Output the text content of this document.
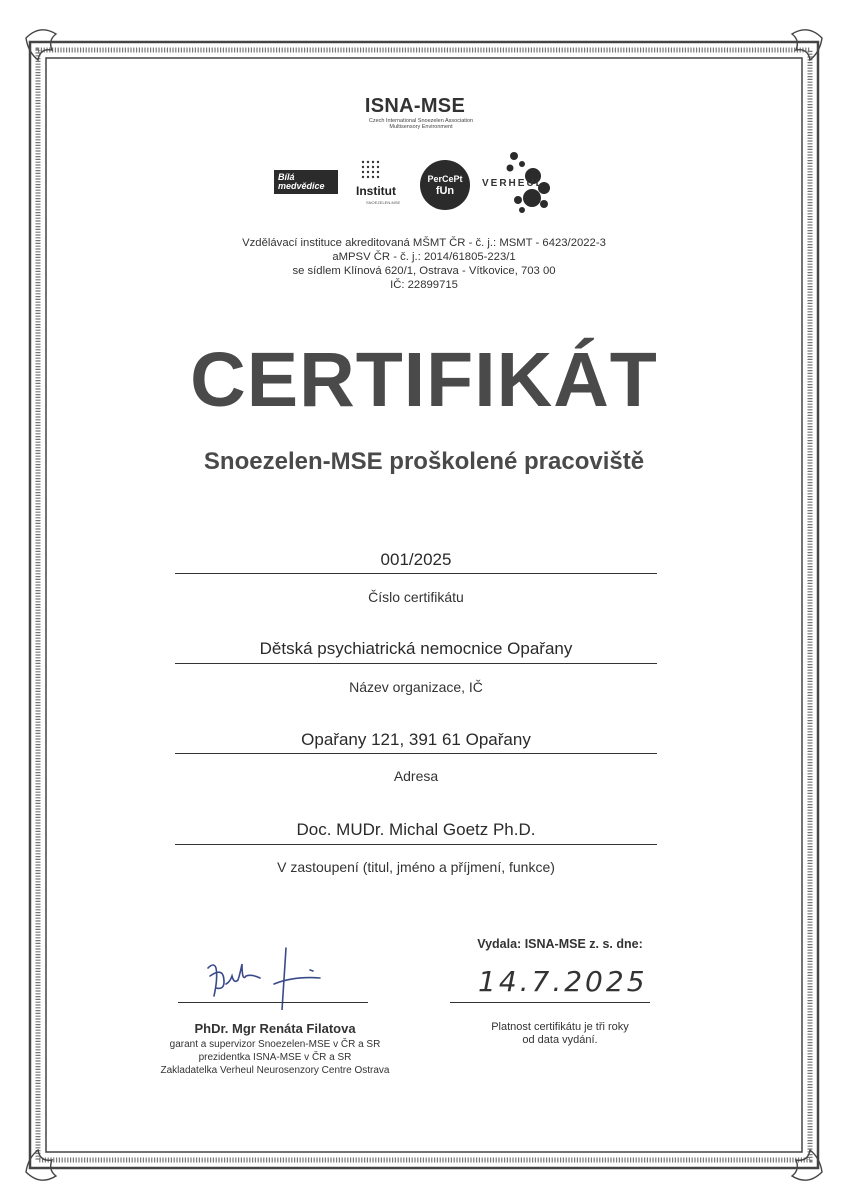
ISNA-MSE
Czech International Snoezelen Association
Multisensory Environment
Bílá
medvědice	Institut
SNOEZELEN-MSE
PerCePt
fUn
VERHEUL
Vzdělávací instituce akreditovaná MŠMT ČR - č. j.: MSMT - 6423/2022-3
aMPSV ČR - č. j.: 2014/61805-223/1
se sídlem Klínová 620/1, Ostrava - Vítkovice, 703 00
IČ: 22899715
CERTIFIKÁT
Snoezelen-MSE proškolené pracoviště
001/2025
Číslo certifikátu
Dětská psychiatrická nemocnice Opařany
Název organizace, IČ
Opařany 121, 391 61 Opařany
Adresa
Doc. MUDr. Michal Goetz Ph.D.
V zastoupení (titul, jméno a příjmení, funkce)
PhDr. Mgr Renáta Filatova
garant a supervizor Snoezelen-MSE v ČR a SR
prezidentka ISNA-MSE v ČR a SR
Zakladatelka Verheul Neurosenzory Centre Ostrava
Vydala: ISNA-MSE z. s. dne:
14.7.2025
Platnost certifikátu je tři roky
od data vydání.
